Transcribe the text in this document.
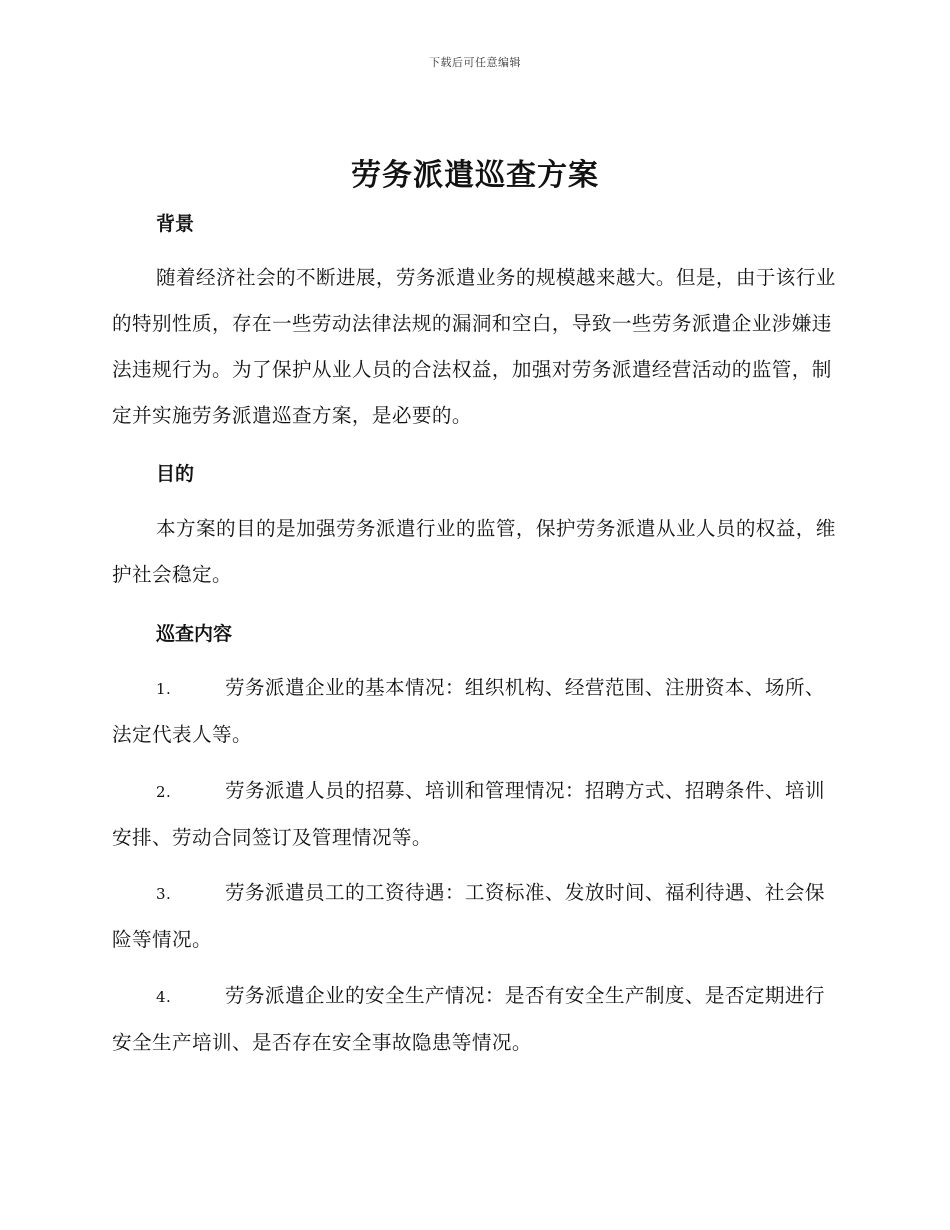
下载后可任意编辑
劳务派遣巡查方案
背景

随着经济社会的不断进展，劳务派遣业务的规模越来越大。但是，由于该行业的特别性质，存在一些劳动法律法规的漏洞和空白，导致一些劳务派遣企业涉嫌违法违规行为。为了保护从业人员的合法权益，加强对劳务派遣经营活动的监管，制定并实施劳务派遣巡查方案，是必要的。

目的

本方案的目的是加强劳务派遣行业的监管，保护劳务派遣从业人员的权益，维护社会稳定。

巡查内容

1.	劳务派遣企业的基本情况：组织机构、经营范围、注册资本、场所、法定代表人等。

2.	劳务派遣人员的招募、培训和管理情况：招聘方式、招聘条件、培训安排、劳动合同签订及管理情况等。

3.	劳务派遣员工的工资待遇：工资标准、发放时间、福利待遇、社会保险等情况。

4.	劳务派遣企业的安全生产情况：是否有安全生产制度、是否定期进行安全生产培训、是否存在安全事故隐患等情况。
